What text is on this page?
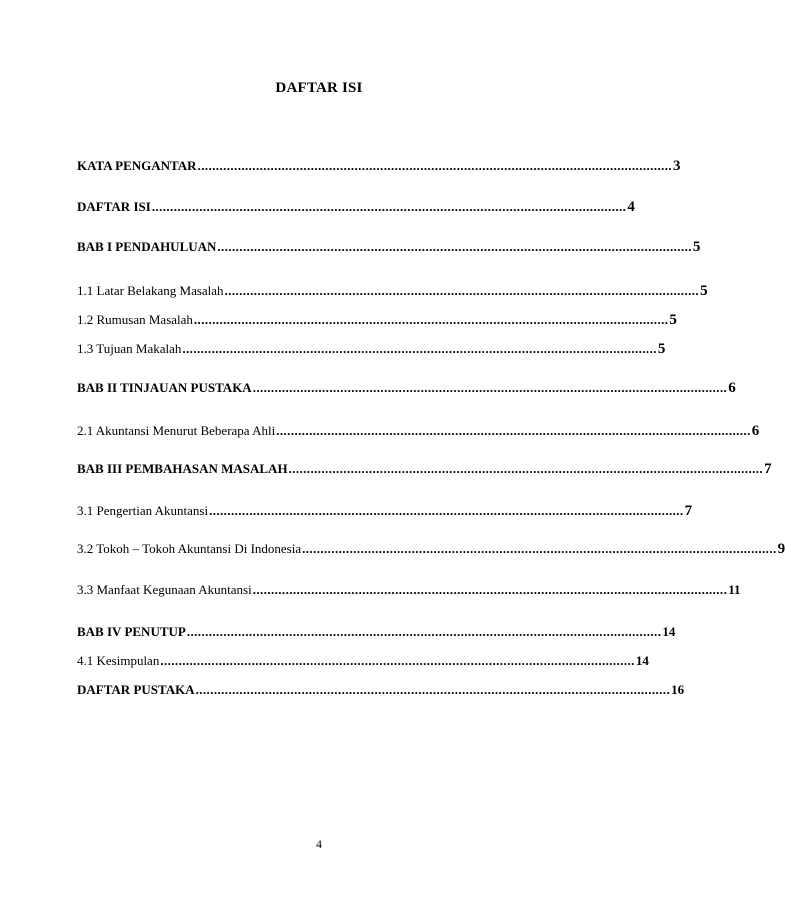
DAFTAR ISI
KATA PENGANTAR .................................................................................................................................. 3
DAFTAR ISI .................................................................................................................................. 4
BAB I PENDAHULUAN .................................................................................................................................. 5
1.1 Latar Belakang Masalah .................................................................................................................................. 5
1.2 Rumusan Masalah .................................................................................................................................. 5
1.3 Tujuan Makalah .................................................................................................................................. 5
BAB II TINJAUAN PUSTAKA .................................................................................................................................. 6
2.1 Akuntansi Menurut Beberapa Ahli .................................................................................................................................. 6
BAB III PEMBAHASAN MASALAH .................................................................................................................................. 7
3.1 Pengertian Akuntansi .................................................................................................................................. 7
3.2 Tokoh – Tokoh Akuntansi Di Indonesia .................................................................................................................................. 9
3.3 Manfaat Kegunaan Akuntansi .................................................................................................................................. 11
BAB IV PENUTUP .................................................................................................................................. 14
4.1 Kesimpulan .................................................................................................................................. 14
DAFTAR PUSTAKA .................................................................................................................................. 16
4
